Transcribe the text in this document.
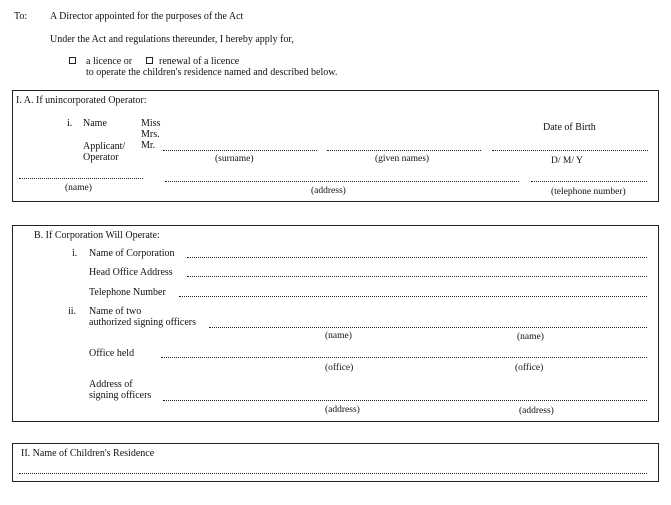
To: A Director appointed for the purposes of the Act
Under the Act and regulations thereunder, I hereby apply for,
a licence or	renewal of a licence
to operate the children's residence named and described below.
I. A. If unincorporated Operator:
i. Name	Miss
Mrs.
Mr.
Applicant/
Operator
Date of Birth
(surname)	(given names)	D/ M/ Y
(name)	(address)	(telephone number)
B. If Corporation Will Operate:
i. Name of Corporation
Head Office Address
Telephone Number
ii. Name of two
authorized signing officers
(name)	(name)
Office held
(office)	(office)
Address of
signing officers
(address)	(address)
II. Name of Children's Residence
